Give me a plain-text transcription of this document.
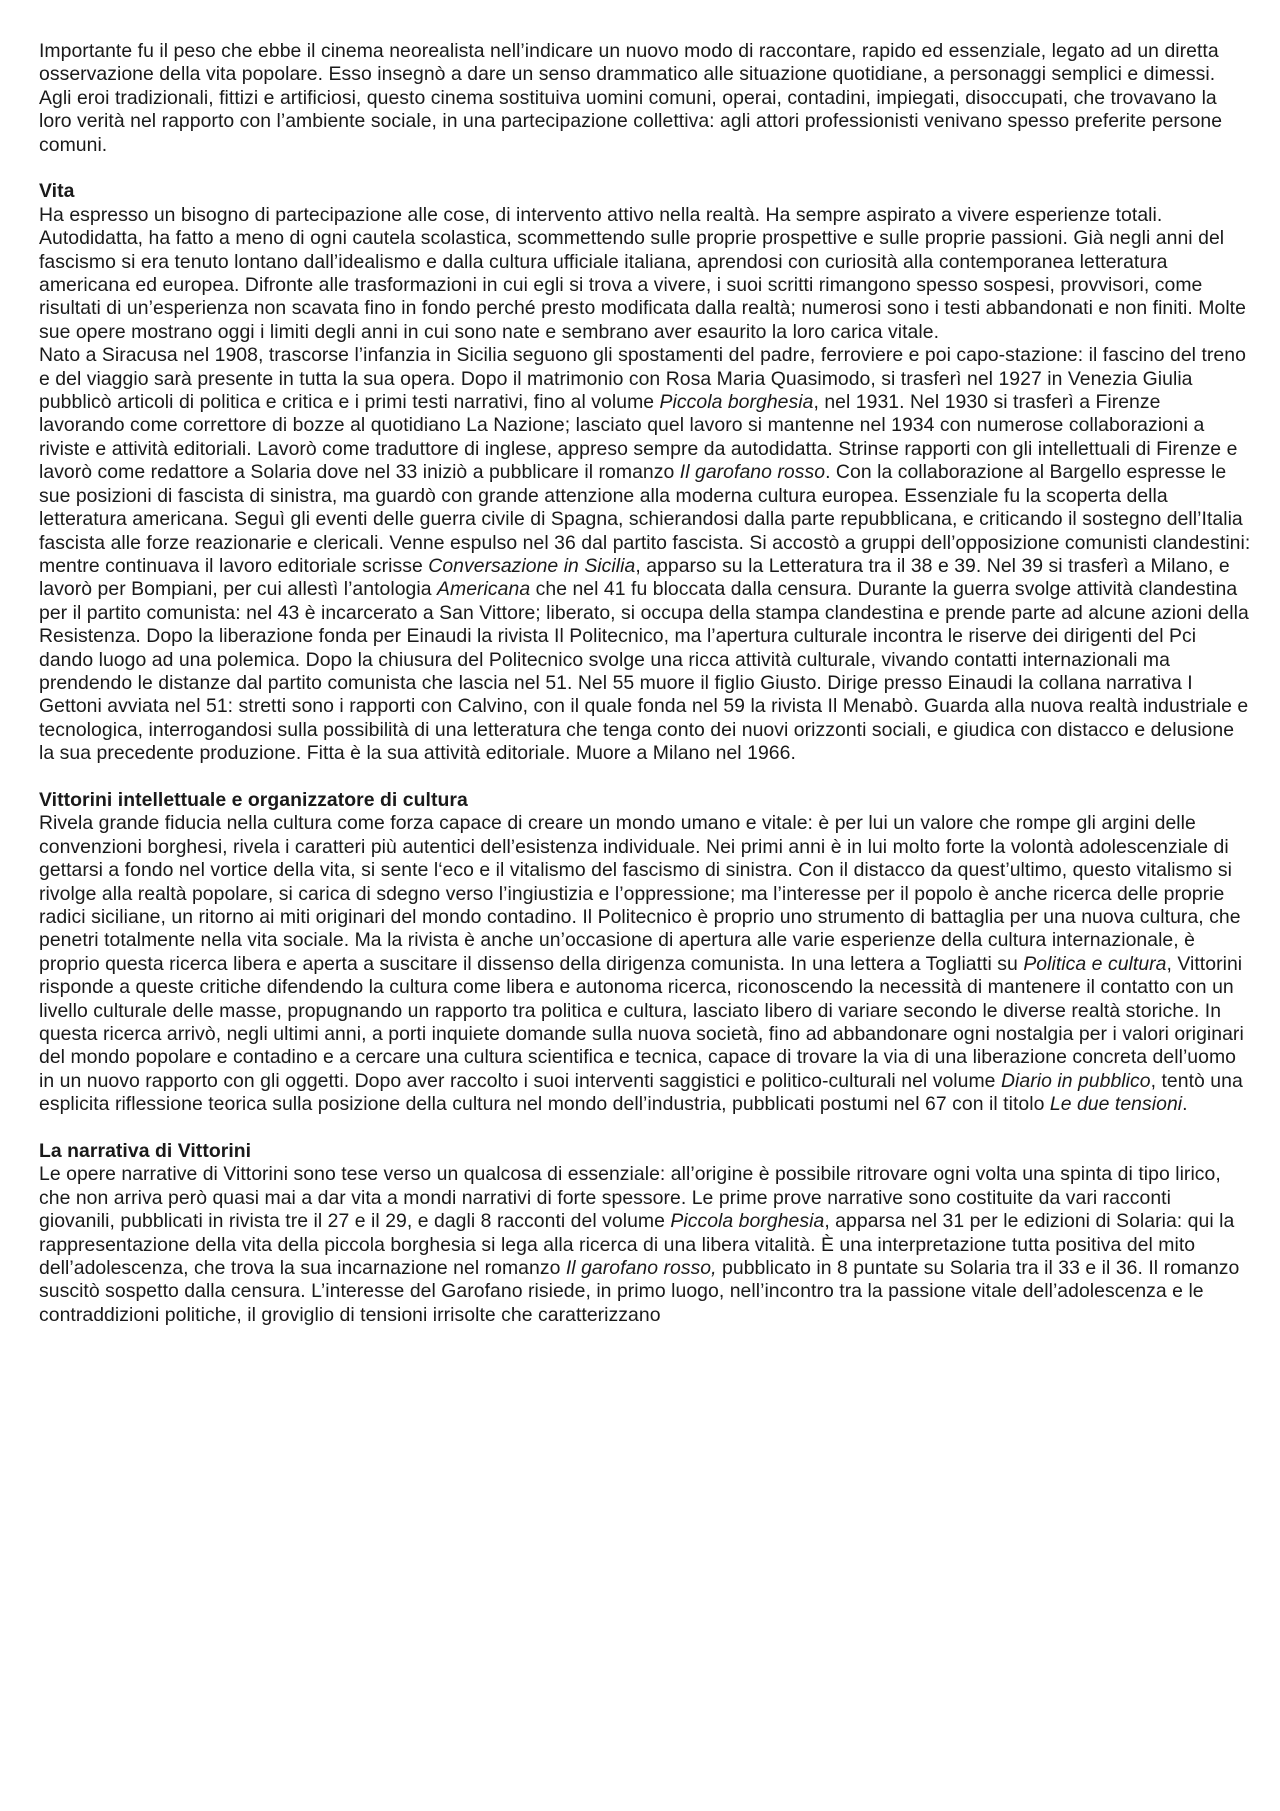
Importante fu il peso che ebbe il cinema neorealista nell’indicare un nuovo modo di raccontare, rapido ed essenziale, legato ad un diretta osservazione della vita popolare. Esso insegnò a dare un senso drammatico alle situazione quotidiane, a personaggi semplici e dimessi. Agli eroi tradizionali, fittizi e artificiosi, questo cinema sostituiva uomini comuni, operai, contadini, impiegati, disoccupati, che trovavano la loro verità nel rapporto con l’ambiente sociale, in una partecipazione collettiva: agli attori professionisti venivano spesso preferite persone comuni.

Vita

Ha espresso un bisogno di partecipazione alle cose, di intervento attivo nella realtà. Ha sempre aspirato a vivere esperienze totali. Autodidatta, ha fatto a meno di ogni cautela scolastica, scommettendo sulle proprie prospettive e sulle proprie passioni. Già negli anni del fascismo si era tenuto lontano dall’idealismo e dalla cultura ufficiale italiana, aprendosi con curiosità alla contemporanea letteratura americana ed europea. Difronte alle trasformazioni in cui egli si trova a vivere, i suoi scritti rimangono spesso sospesi, provvisori, come risultati di un’esperienza non scavata fino in fondo perché presto modificata dalla realtà; numerosi sono i testi abbandonati e non finiti. Molte sue opere mostrano oggi i limiti degli anni in cui sono nate e sembrano aver esaurito la loro carica vitale.

Nato a Siracusa nel 1908, trascorse l’infanzia in Sicilia seguono gli spostamenti del padre, ferroviere e poi capo-stazione: il fascino del treno e del viaggio sarà presente in tutta la sua opera. Dopo il matrimonio con Rosa Maria Quasimodo, si trasferì nel 1927 in Venezia Giulia pubblicò articoli di politica e critica e i primi testi narrativi, fino al volume Piccola borghesia, nel 1931. Nel 1930 si trasferì a Firenze lavorando come correttore di bozze al quotidiano La Nazione; lasciato quel lavoro si mantenne nel 1934 con numerose collaborazioni a riviste e attività editoriali. Lavorò come traduttore di inglese, appreso sempre da autodidatta. Strinse rapporti con gli intellettuali di Firenze e lavorò come redattore a Solaria dove nel 33 iniziò a pubblicare il romanzo Il garofano rosso. Con la collaborazione al Bargello espresse le sue posizioni di fascista di sinistra, ma guardò con grande attenzione alla moderna cultura europea. Essenziale fu la scoperta della letteratura americana. Seguì gli eventi delle guerra civile di Spagna, schierandosi dalla parte repubblicana, e criticando il sostegno dell’Italia fascista alle forze reazionarie e clericali. Venne espulso nel 36 dal partito fascista. Si accostò a gruppi dell’opposizione comunisti clandestini: mentre continuava il lavoro editoriale scrisse Conversazione in Sicilia, apparso su la Letteratura tra il 38 e 39. Nel 39 si trasferì a Milano, e lavorò per Bompiani, per cui allestì l’antologia Americana che nel 41 fu bloccata dalla censura. Durante la guerra svolge attività clandestina per il partito comunista: nel 43 è incarcerato a San Vittore; liberato, si occupa della stampa clandestina e prende parte ad alcune azioni della Resistenza. Dopo la liberazione fonda per Einaudi la rivista Il Politecnico, ma l’apertura culturale incontra le riserve dei dirigenti del Pci dando luogo ad una polemica. Dopo la chiusura del Politecnico svolge una ricca attività culturale, vivando contatti internazionali ma prendendo le distanze dal partito comunista che lascia nel 51. Nel 55 muore il figlio Giusto. Dirige presso Einaudi la collana narrativa I Gettoni avviata nel 51: stretti sono i rapporti con Calvino, con il quale fonda nel 59 la rivista Il Menabò. Guarda alla nuova realtà industriale e tecnologica, interrogandosi sulla possibilità di una letteratura che tenga conto dei nuovi orizzonti sociali, e giudica con distacco e delusione la sua precedente produzione. Fitta è la sua attività editoriale. Muore a Milano nel 1966.

Vittorini intellettuale e organizzatore di cultura

Rivela grande fiducia nella cultura come forza capace di creare un mondo umano e vitale: è per lui un valore che rompe gli argini delle convenzioni borghesi, rivela i caratteri più autentici dell’esistenza individuale. Nei primi anni è in lui molto forte la volontà adolescenziale di gettarsi a fondo nel vortice della vita, si sente l‘eco e il vitalismo del fascismo di sinistra. Con il distacco da quest’ultimo, questo vitalismo si rivolge alla realtà popolare, si carica di sdegno verso l’ingiustizia e l’oppressione; ma l’interesse per il popolo è anche ricerca delle proprie radici siciliane, un ritorno ai miti originari del mondo contadino. Il Politecnico è proprio uno strumento di battaglia per una nuova cultura, che penetri totalmente nella vita sociale. Ma la rivista è anche un’occasione di apertura alle varie esperienze della cultura internazionale, è proprio questa ricerca libera e aperta a suscitare il dissenso della dirigenza comunista. In una lettera a Togliatti su Politica e cultura, Vittorini risponde a queste critiche difendendo la cultura come libera e autonoma ricerca, riconoscendo la necessità di mantenere il contatto con un livello culturale delle masse, propugnando un rapporto tra politica e cultura, lasciato libero di variare secondo le diverse realtà storiche. In questa ricerca arrivò, negli ultimi anni, a porti inquiete domande sulla nuova società, fino ad abbandonare ogni nostalgia per i valori originari del mondo popolare e contadino e a cercare una cultura scientifica e tecnica, capace di trovare la via di una liberazione concreta dell’uomo in un nuovo rapporto con gli oggetti. Dopo aver raccolto i suoi interventi saggistici e politico-culturali nel volume Diario in pubblico, tentò una esplicita riflessione teorica sulla posizione della cultura nel mondo dell’industria, pubblicati postumi nel 67 con il titolo Le due tensioni.

La narrativa di Vittorini

Le opere narrative di Vittorini sono tese verso un qualcosa di essenziale: all’origine è possibile ritrovare ogni volta una spinta di tipo lirico, che non arriva però quasi mai a dar vita a mondi narrativi di forte spessore. Le prime prove narrative sono costituite da vari racconti giovanili, pubblicati in rivista tre il 27 e il 29, e dagli 8 racconti del volume Piccola borghesia, apparsa nel 31 per le edizioni di Solaria: qui la rappresentazione della vita della piccola borghesia si lega alla ricerca di una libera vitalità. È una interpretazione tutta positiva del mito dell’adolescenza, che trova la sua incarnazione nel romanzo Il garofano rosso, pubblicato in 8 puntate su Solaria tra il 33 e il 36. Il romanzo suscitò sospetto dalla censura. L’interesse del Garofano risiede, in primo luogo, nell’incontro tra la passione vitale dell’adolescenza e le contraddizioni politiche, il groviglio di tensioni irrisolte che caratterizzano
